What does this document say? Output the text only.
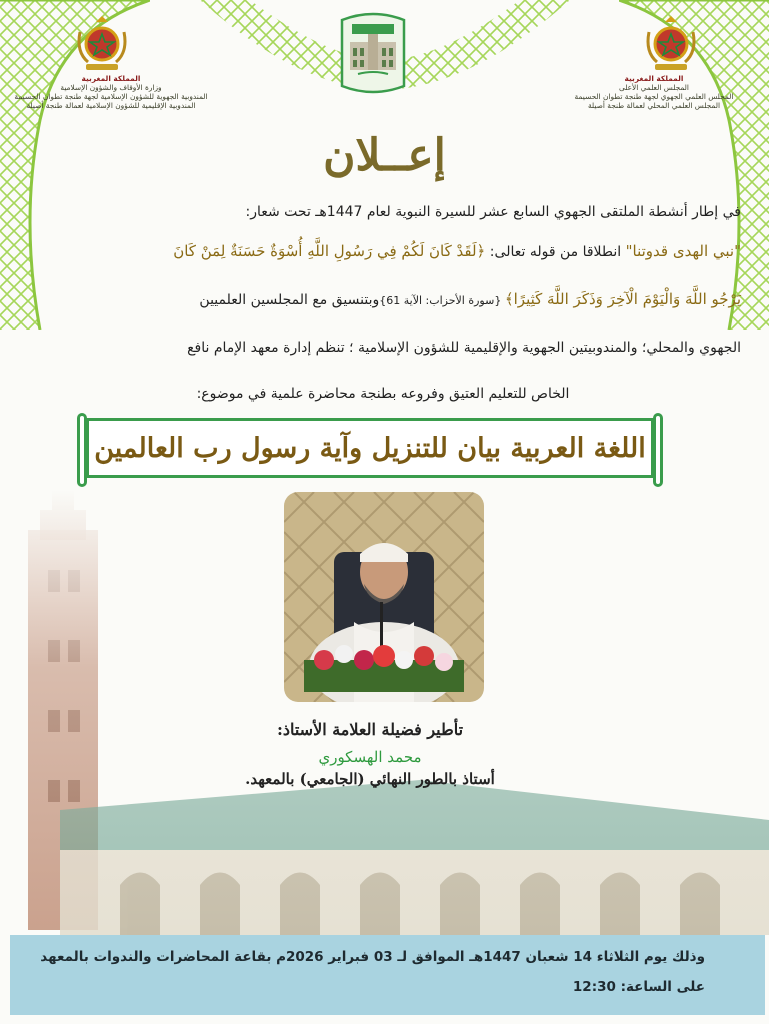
المملكة المغربية
وزارة الأوقاف والشؤون الإسلامية
المندوبية الجهوية للشؤون الإسلامية لجهة طنجة تطوان الحسيمة
المندوبية الإقليمية للشؤون الإسلامية لعمالة طنجة أصيلة
المملكة المغربية
المجلس العلمي الأعلى
المجلس العلمي الجهوي لجهة طنجة تطوان الحسيمة
المجلس العلمي المحلي لعمالة طنجة أصيلة
إعــلان
في إطار أنشطة الملتقى الجهوي السابع عشر للسيرة النبوية لعام 1447هـ تحت شعار:
"نبي الهدى قدوتنا" انطلاقا من قوله تعالى: ﴿لَقَدْ كَانَ لَكُمْ فِي رَسُولِ اللَّهِ أُسْوَةٌ حَسَنَةٌ لِمَنْ كَانَ
يَرْجُو اللَّهَ وَالْيَوْمَ الْآخِرَ وَذَكَرَ اللَّهَ كَثِيرًا﴾ {سورة الأحزاب: الآية 61}وبتنسيق مع المجلسين العلميين
الجهوي والمحلي؛ والمندوبيتين الجهوية والإقليمية للشؤون الإسلامية ؛ تنظم إدارة معهد الإمام نافع
الخاص للتعليم العتيق وفروعه بطنجة محاضرة علمية في موضوع:
اللغة العربية بيان للتنزيل وآية رسول رب العالمين
تأطير فضيلة العلامة الأستاذ:
محمد الهسكوري
أستاذ بالطور النهائي (الجامعي) بالمعهد.
وذلك يوم الثلاثاء 14 شعبان 1447هـ الموافق لـ 03 فبراير 2026م بقاعة المحاضرات والندوات بالمعهد
على الساعة: 12:30
